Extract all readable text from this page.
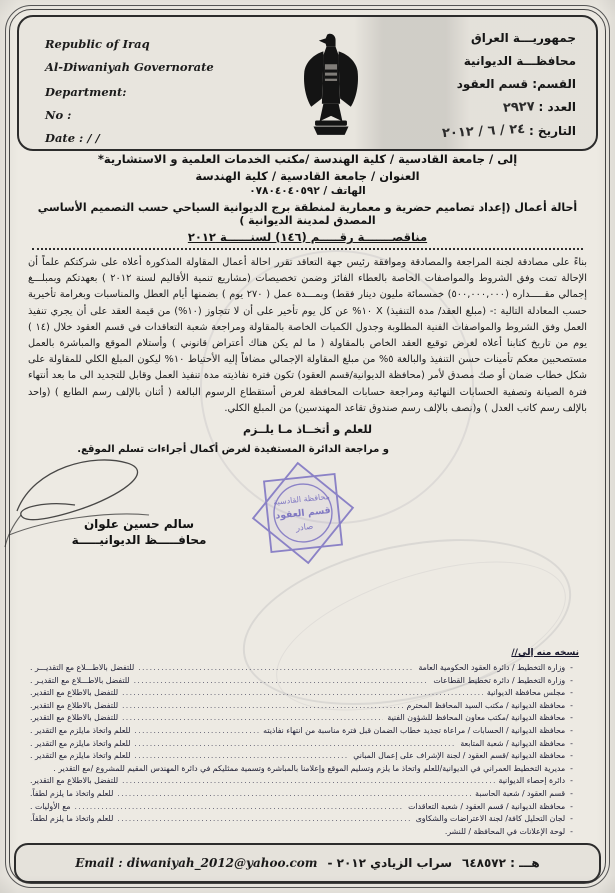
Republic of Iraq
Al-Diwaniyah Governorate
Department:
No :
Date : / /
جمهوريـــة العراق
محافظـــة الديوانية
القسم: قسم العقود
العدد : ٢٩٢٧
التاريخ : ٢٤ / ٦ / ٢٠١٢
إلى / جامعة القادسية / كلية الهندسة /مكتب الخدمات العلمية و الاستشارية*
العنوان / جامعة القادسية / كلية الهندسة
الهاتف / ٠٧٨٠٤٠٤٠٥٩٢
أحالة أعمال (إعداد تصاميم حضرية و معمارية لمنطقة برج الديوانية السياحي حسب التصميم الأساسي
المصدق لمدينة الديوانية )
مناقصـــــــة رقـــــم (١٤٦) لسنــــــة ٢٠١٢

بناءً على مصادقة لجنة المراجعة والمصادقة وموافقة رئيس جهة التعاقد تقرر احالة أعمال المقاولة المذكورة أعلاه على شركتكم علماً أن الإحالة تمت وفق الشروط والمواصفات الخاصة بالعطاء الفائز وضمن تخصيصات (مشاريع تنمية الأقاليم لسنة ٢٠١٢ ) بعهدتكم وبمبلـــغ إجمالي مقـــــداره (٥٠٠,٠٠٠,٠٠٠) خمسمائة مليون دينار فقط) وبمـــدة عمل ( ٢٧٠ يوم ) بضمنها أيام العطل والمناسبات وبغرامة تأخيرية حسب المعادلة التالية :- (مبلغ العقد/ مدة التنفيذ) X ١٠% عن كل يوم تأخير على أن لا تتجاوز (١٠%) من قيمة العقد على أن يجري تنفيذ العمل وفق الشروط والمواصفات الفنية المطلوبة وجدول الكميات الخاصة بالمقاولة ومراجعة شعبة التعاقدات في قسم العقود خلال (١٤ ) يوم من تاريخ كتابنا أعلاه لغرض توقيع العقد الخاص بالمقاولة ( ما لم يكن هناك أعتراض قانوني ) وأستلام الموقع والمباشرة بالعمل مستصحبين معكم تأمينات حسن التنفيذ والبالغة ٥% من مبلغ المقاولة الإجمالي مضافاً إليه الأحتياط ١٠% ليكون المبلغ الكلي للمقاولة على شكل خطاب ضمان أو صك مصدق لأمر (محافظة الديوانية/قسم العقود) تكون فترة نفاذيته مدة تنفيذ العمل وقابل للتجديد الى ما بعد أنتهاء فترة الصيانة وتصفية الحسابات النهائية ومراجعة حسابات المحافظة لغرض أستقطاع الرسوم البالغة ( أثنان بالإلف رسم الطابع ) (واحد بالإلف رسم كاتب العدل ) و(نصف بالإلف رسم صندوق تقاعد المهندسين) من المبلغ الكلي.

للعلم و أتخــاذ مـا يلــزم
و مراجعة الدائرة المستفيدة لغرض أكمال أجراءات تسلم الموقع.
محافظة القادسية
قسم العقود
صادر
سالم حسين علوان
محافـــــظ الديوانيـــــة
نسخه منه إلى//
-
وزارة التخطيط / دائرة العقود الحكومية العامة
.....
للتفضل بالاطـــلاع مع التقديـــر .
-
وزارة التخطيط / دائرة تخطيط القطاعات
.....
للتفضل بالاطـــلاع مع التقديـر .
-
مجلس محافظة الديوانية
.....
للتفضل بالاطلاع مع التقدير.
-
محافظة الديوانية / مكتب السيد المحافظ المحترم
.....
للتفضل بالاطلاع مع التقدير.
-
محافظة الديوانية /مكتب معاون المحافظ للشؤون الفنية
.....
للتفضل بالاطلاع مع التقدير.
-
محافظة الديوانية / الحسابات / مراعاة تجديد خطاب الضمان قبل فترة مناسبة من انتهاء نفاذيته
.....
للعلم واتخاذ مايلزم مع التقدير .
-
محافظة الديوانية / شعبة المتابعة
.....
للعلم واتخاذ مايلزم مع التقدير .
-
محافظة الديوانية /قسم العقود / لجنة الإشراف على إعمال المباني
.....
للعلم واتخاذ مايلزم مع التقدير .
-
مديرية التخطيط العمراني في الديوانية/للعلم واتخاذ ما يلزم وتسليم الموقع وإعلامنا بالمباشرة وتسمية ممثليكم في دائرة المهندس المقيم للمشروع /مع التقدير .
-
دائرة إحصاء الديوانية
.....
للتفضل بالاطلاع مع التقدير.
-
قسم العقود / شعبة الحاسبة
.....
للعلم واتخاذ ما يلزم لطفاً.
-
محافظة الديوانية / قسم العقود / شعبة التعاقدات
.....
مع الأوليات .
-
لجان التحليل كافة/ لجنة الاعتراضات والشكاوى
.....
للعلم واتخاذ ما يلزم لطفاً.
-
لوحة الإعلانات في المحافظة / للنشر.
هـــ : ٦٤٨٥٧٢
سراب الزيادي ٢٠١٢ -
Email : diwaniyah_2012@yahoo.com
